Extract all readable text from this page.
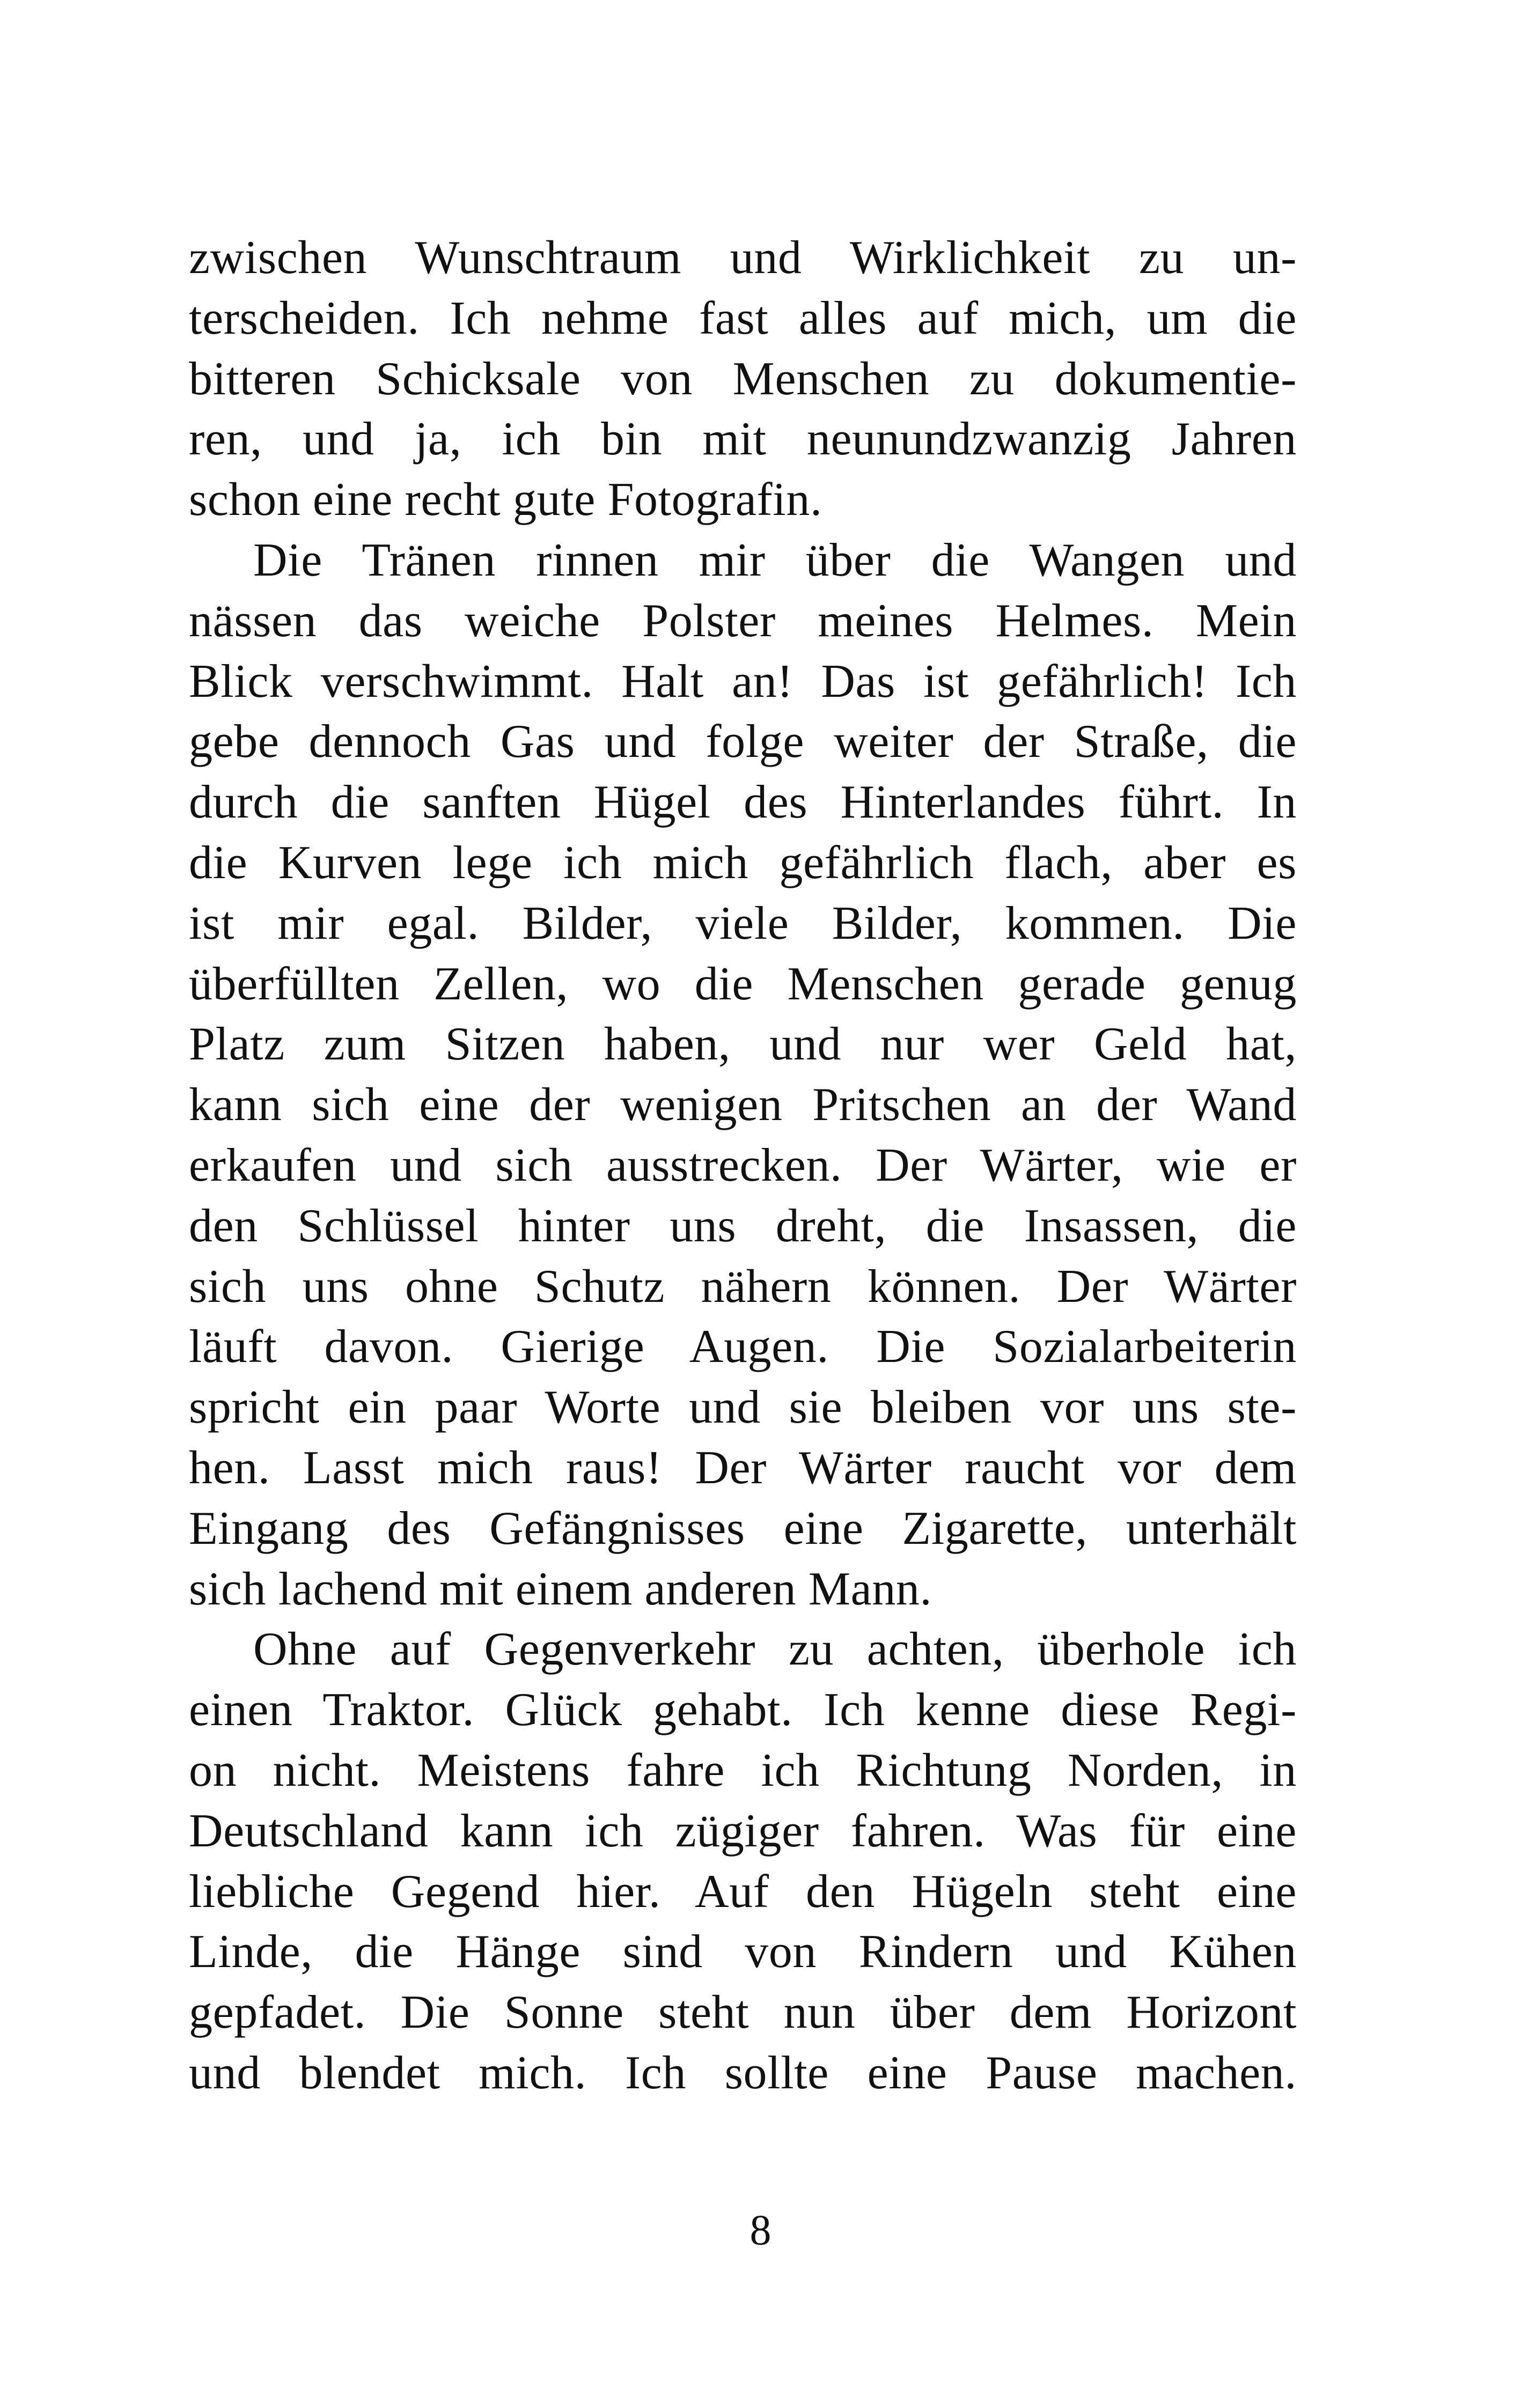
zwischen Wunschtraum und Wirklichkeit zu un-
terscheiden. Ich nehme fast alles auf mich, um die
bitteren Schicksale von Menschen zu dokumentie-
ren, und ja, ich bin mit neunundzwanzig Jahren
schon eine recht gute Fotografin.
Die Tränen rinnen mir über die Wangen und
nässen das weiche Polster meines Helmes. Mein
Blick verschwimmt. Halt an! Das ist gefährlich! Ich
gebe dennoch Gas und folge weiter der Straße, die
durch die sanften Hügel des Hinterlandes führt. In
die Kurven lege ich mich gefährlich flach, aber es
ist mir egal. Bilder, viele Bilder, kommen. Die
überfüllten Zellen, wo die Menschen gerade genug
Platz zum Sitzen haben, und nur wer Geld hat,
kann sich eine der wenigen Pritschen an der Wand
erkaufen und sich ausstrecken. Der Wärter, wie er
den Schlüssel hinter uns dreht, die Insassen, die
sich uns ohne Schutz nähern können. Der Wärter
läuft davon. Gierige Augen. Die Sozialarbeiterin
spricht ein paar Worte und sie bleiben vor uns ste-
hen. Lasst mich raus! Der Wärter raucht vor dem
Eingang des Gefängnisses eine Zigarette, unterhält
sich lachend mit einem anderen Mann.
Ohne auf Gegenverkehr zu achten, überhole ich
einen Traktor. Glück gehabt. Ich kenne diese Regi-
on nicht. Meistens fahre ich Richtung Norden, in
Deutschland kann ich zügiger fahren. Was für eine
liebliche Gegend hier. Auf den Hügeln steht eine
Linde, die Hänge sind von Rindern und Kühen
gepfadet. Die Sonne steht nun über dem Horizont
und blendet mich. Ich sollte eine Pause machen.
8
